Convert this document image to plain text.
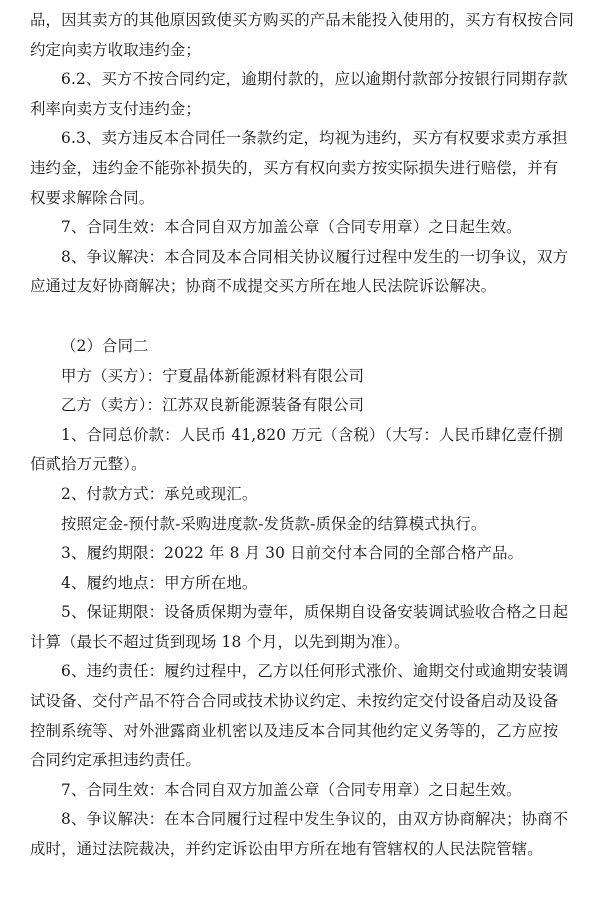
品，因其卖方的其他原因致使买方购买的产品未能投入使用的，买方有权按合同
约定向卖方收取违约金；
6.2、买方不按合同约定，逾期付款的，应以逾期付款部分按银行同期存款
利率向卖方支付违约金；
6.3、卖方违反本合同任一条款约定，均视为违约，买方有权要求卖方承担
违约金，违约金不能弥补损失的，买方有权向卖方按实际损失进行赔偿，并有
权要求解除合同。
7、合同生效：本合同自双方加盖公章（合同专用章）之日起生效。
8、争议解决：本合同及本合同相关协议履行过程中发生的一切争议，双方
应通过友好协商解决；协商不成提交买方所在地人民法院诉讼解决。
（2）合同二
甲方（买方）：宁夏晶体新能源材料有限公司
乙方（卖方）：江苏双良新能源装备有限公司
1、合同总价款：人民币 41,820 万元（含税）（大写：人民币肆亿壹仟捌
佰贰拾万元整）。
2、付款方式：承兑或现汇。
按照定金-预付款-采购进度款-发货款-质保金的结算模式执行。
3、履约期限：2022 年 8 月 30 日前交付本合同的全部合格产品。
4、履约地点：甲方所在地。
5、保证期限：设备质保期为壹年，质保期自设备安装调试验收合格之日起
计算（最长不超过货到现场 18 个月，以先到期为准）。
6、违约责任：履约过程中，乙方以任何形式涨价、逾期交付或逾期安装调
试设备、交付产品不符合合同或技术协议约定、未按约定交付设备启动及设备
控制系统等、对外泄露商业机密以及违反本合同其他约定义务等的，乙方应按
合同约定承担违约责任。
7、合同生效：本合同自双方加盖公章（合同专用章）之日起生效。
8、争议解决：在本合同履行过程中发生争议的，由双方协商解决；协商不
成时，通过法院裁决，并约定诉讼由甲方所在地有管辖权的人民法院管辖。
